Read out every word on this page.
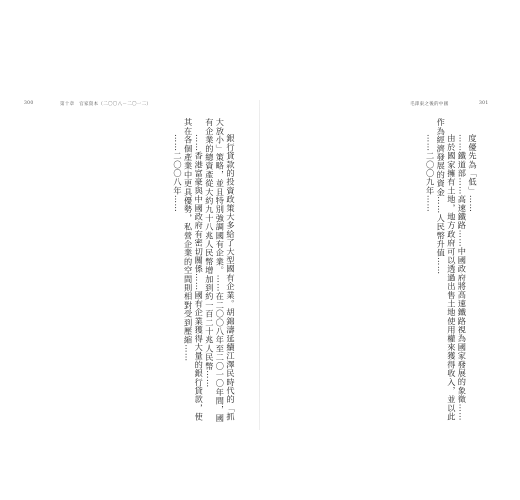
300	第十章　官家資本（二〇〇八－二〇一二）

銀行貸款的投資政策大多給了大型國有企業。胡錦濤延續江澤民時代的「抓大放小」策略，並且特別強調國有企業。……在二〇〇八年至二〇一〇年間，國有企業的總資產從大約九十八兆人民幣增加到約一百二十兆人民幣……

……香港富豪與中國政府有密切關係……國有企業獲得大量的銀行貸款，使其在各個產業中更具優勢，私營企業的空間則相對受到壓縮……

……二〇〇八年……

毛澤東之後的中國	301

度優先為「低」……

……鐵道部……高速鐵路……中國政府將高速鐵路視為國家發展的象徵……

由於國家擁有土地，地方政府可以透過出售土地使用權來獲得收入，並以此作為經濟發展的資金……人民幣升值……

……二〇〇九年……
